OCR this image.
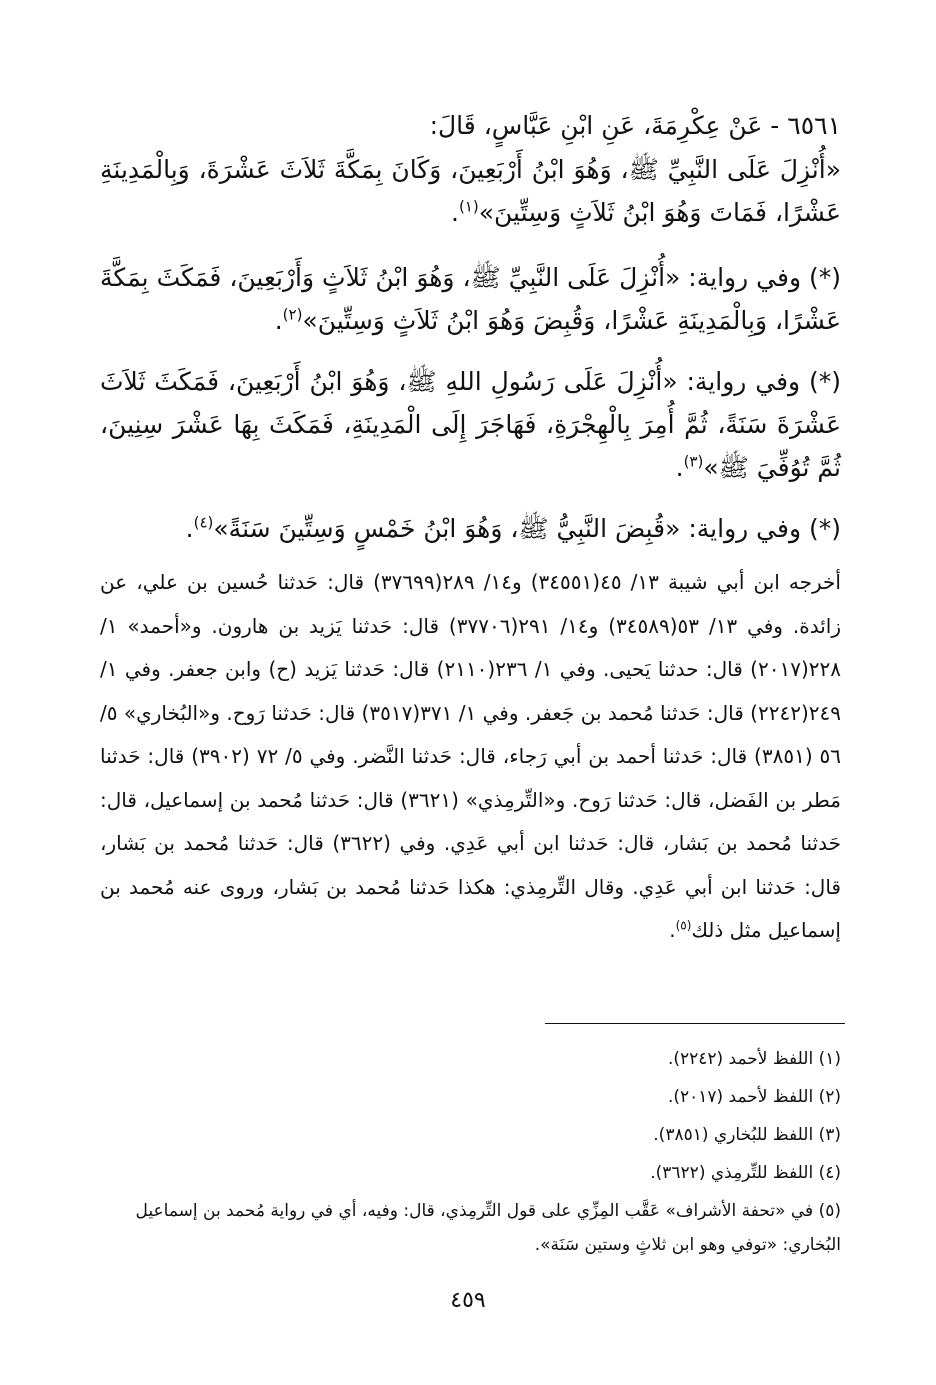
٦٥٦١ - عَنْ عِكْرِمَةَ، عَنِ ابْنِ عَبَّاسٍ، قَالَ:

«أُنْزِلَ عَلَى النَّبِيِّ ﷺ، وَهُوَ ابْنُ أَرْبَعِينَ، وَكَانَ بِمَكَّةَ ثَلاَثَ عَشْرَةَ، وَبِالْمَدِينَةِ عَشْرًا، فَمَاتَ وَهُوَ ابْنُ ثَلاَثٍ وَسِتِّينَ»$^{(١)}$.

(*) وفي رواية: «أُنْزِلَ عَلَى النَّبِيِّ ﷺ، وَهُوَ ابْنُ ثَلاَثٍ وَأَرْبَعِينَ، فَمَكَثَ بِمَكَّةَ عَشْرًا، وَبِالْمَدِينَةِ عَشْرًا، وَقُبِضَ وَهُوَ ابْنُ ثَلاَثٍ وَسِتِّينَ»$^{(٢)}$.

(*) وفي رواية: «أُنْزِلَ عَلَى رَسُولِ اللهِ ﷺ، وَهُوَ ابْنُ أَرْبَعِينَ، فَمَكَثَ ثَلاَثَ عَشْرَةَ سَنَةً، ثُمَّ أُمِرَ بِالْهِجْرَةِ، فَهَاجَرَ إِلَى الْمَدِينَةِ، فَمَكَثَ بِهَا عَشْرَ سِنِينَ، ثُمَّ تُوُفِّيَ ﷺ»$^{(٣)}$.

(*) وفي رواية: «قُبِضَ النَّبِيُّ ﷺ، وَهُوَ ابْنُ خَمْسٍ وَسِتِّينَ سَنَةً»$^{(٤)}$.

أخرجه ابن أبي شيبة ١٣/ ٤٥(٣٤٥٥١) و١٤/ ٢٨٩(٣٧٦٩٩) قال: حَدثنا حُسين بن علي، عن زائدة. وفي ١٣/ ٥٣(٣٤٥٨٩) و١٤/ ٢٩١(٣٧٧٠٦) قال: حَدثنا يَزيد بن هارون. و«أحمد» ١/ ٢٢٨(٢٠١٧) قال: حدثنا يَحيى. وفي ١/ ٢٣٦(٢١١٠) قال: حَدثنا يَزيد (ح) وابن جعفر. وفي ١/ ٢٤٩(٢٢٤٢) قال: حَدثنا مُحمد بن جَعفر. وفي ١/ ٣٧١(٣٥١٧) قال: حَدثنا رَوح. و«البُخاري» ٥/ ٥٦ (٣٨٥١) قال: حَدثنا أحمد بن أبي رَجاء، قال: حَدثنا النَّضر. وفي ٥/ ٧٢ (٣٩٠٢) قال: حَدثنا مَطر بن الفَضل، قال: حَدثنا رَوح. و«التِّرمِذي» (٣٦٢١) قال: حَدثنا مُحمد بن إسماعيل، قال: حَدثنا مُحمد بن بَشار، قال: حَدثنا ابن أبي عَدِي. وفي (٣٦٢٢) قال: حَدثنا مُحمد بن بَشار، قال: حَدثنا ابن أبي عَدِي. وقال التِّرمِذي: هكذا حَدثنا مُحمد بن بَشار، وروى عنه مُحمد بن إسماعيل مثل ذلك$^{(٥)}$.

(١) اللفظ لأحمد (٢٢٤٢).

(٢) اللفظ لأحمد (٢٠١٧).

(٣) اللفظ للبُخاري (٣٨٥١).

(٤) اللفظ للتِّرمِذي (٣٦٢٢).

(٥) في «تحفة الأشراف» عَقَّب المِزِّي على قول التِّرمِذي، قال: وفيه، أي في رواية مُحمد بن إسماعيل البُخاري: «توفي وهو ابن ثلاثٍ وستين سَنَة».

٤٥٩
